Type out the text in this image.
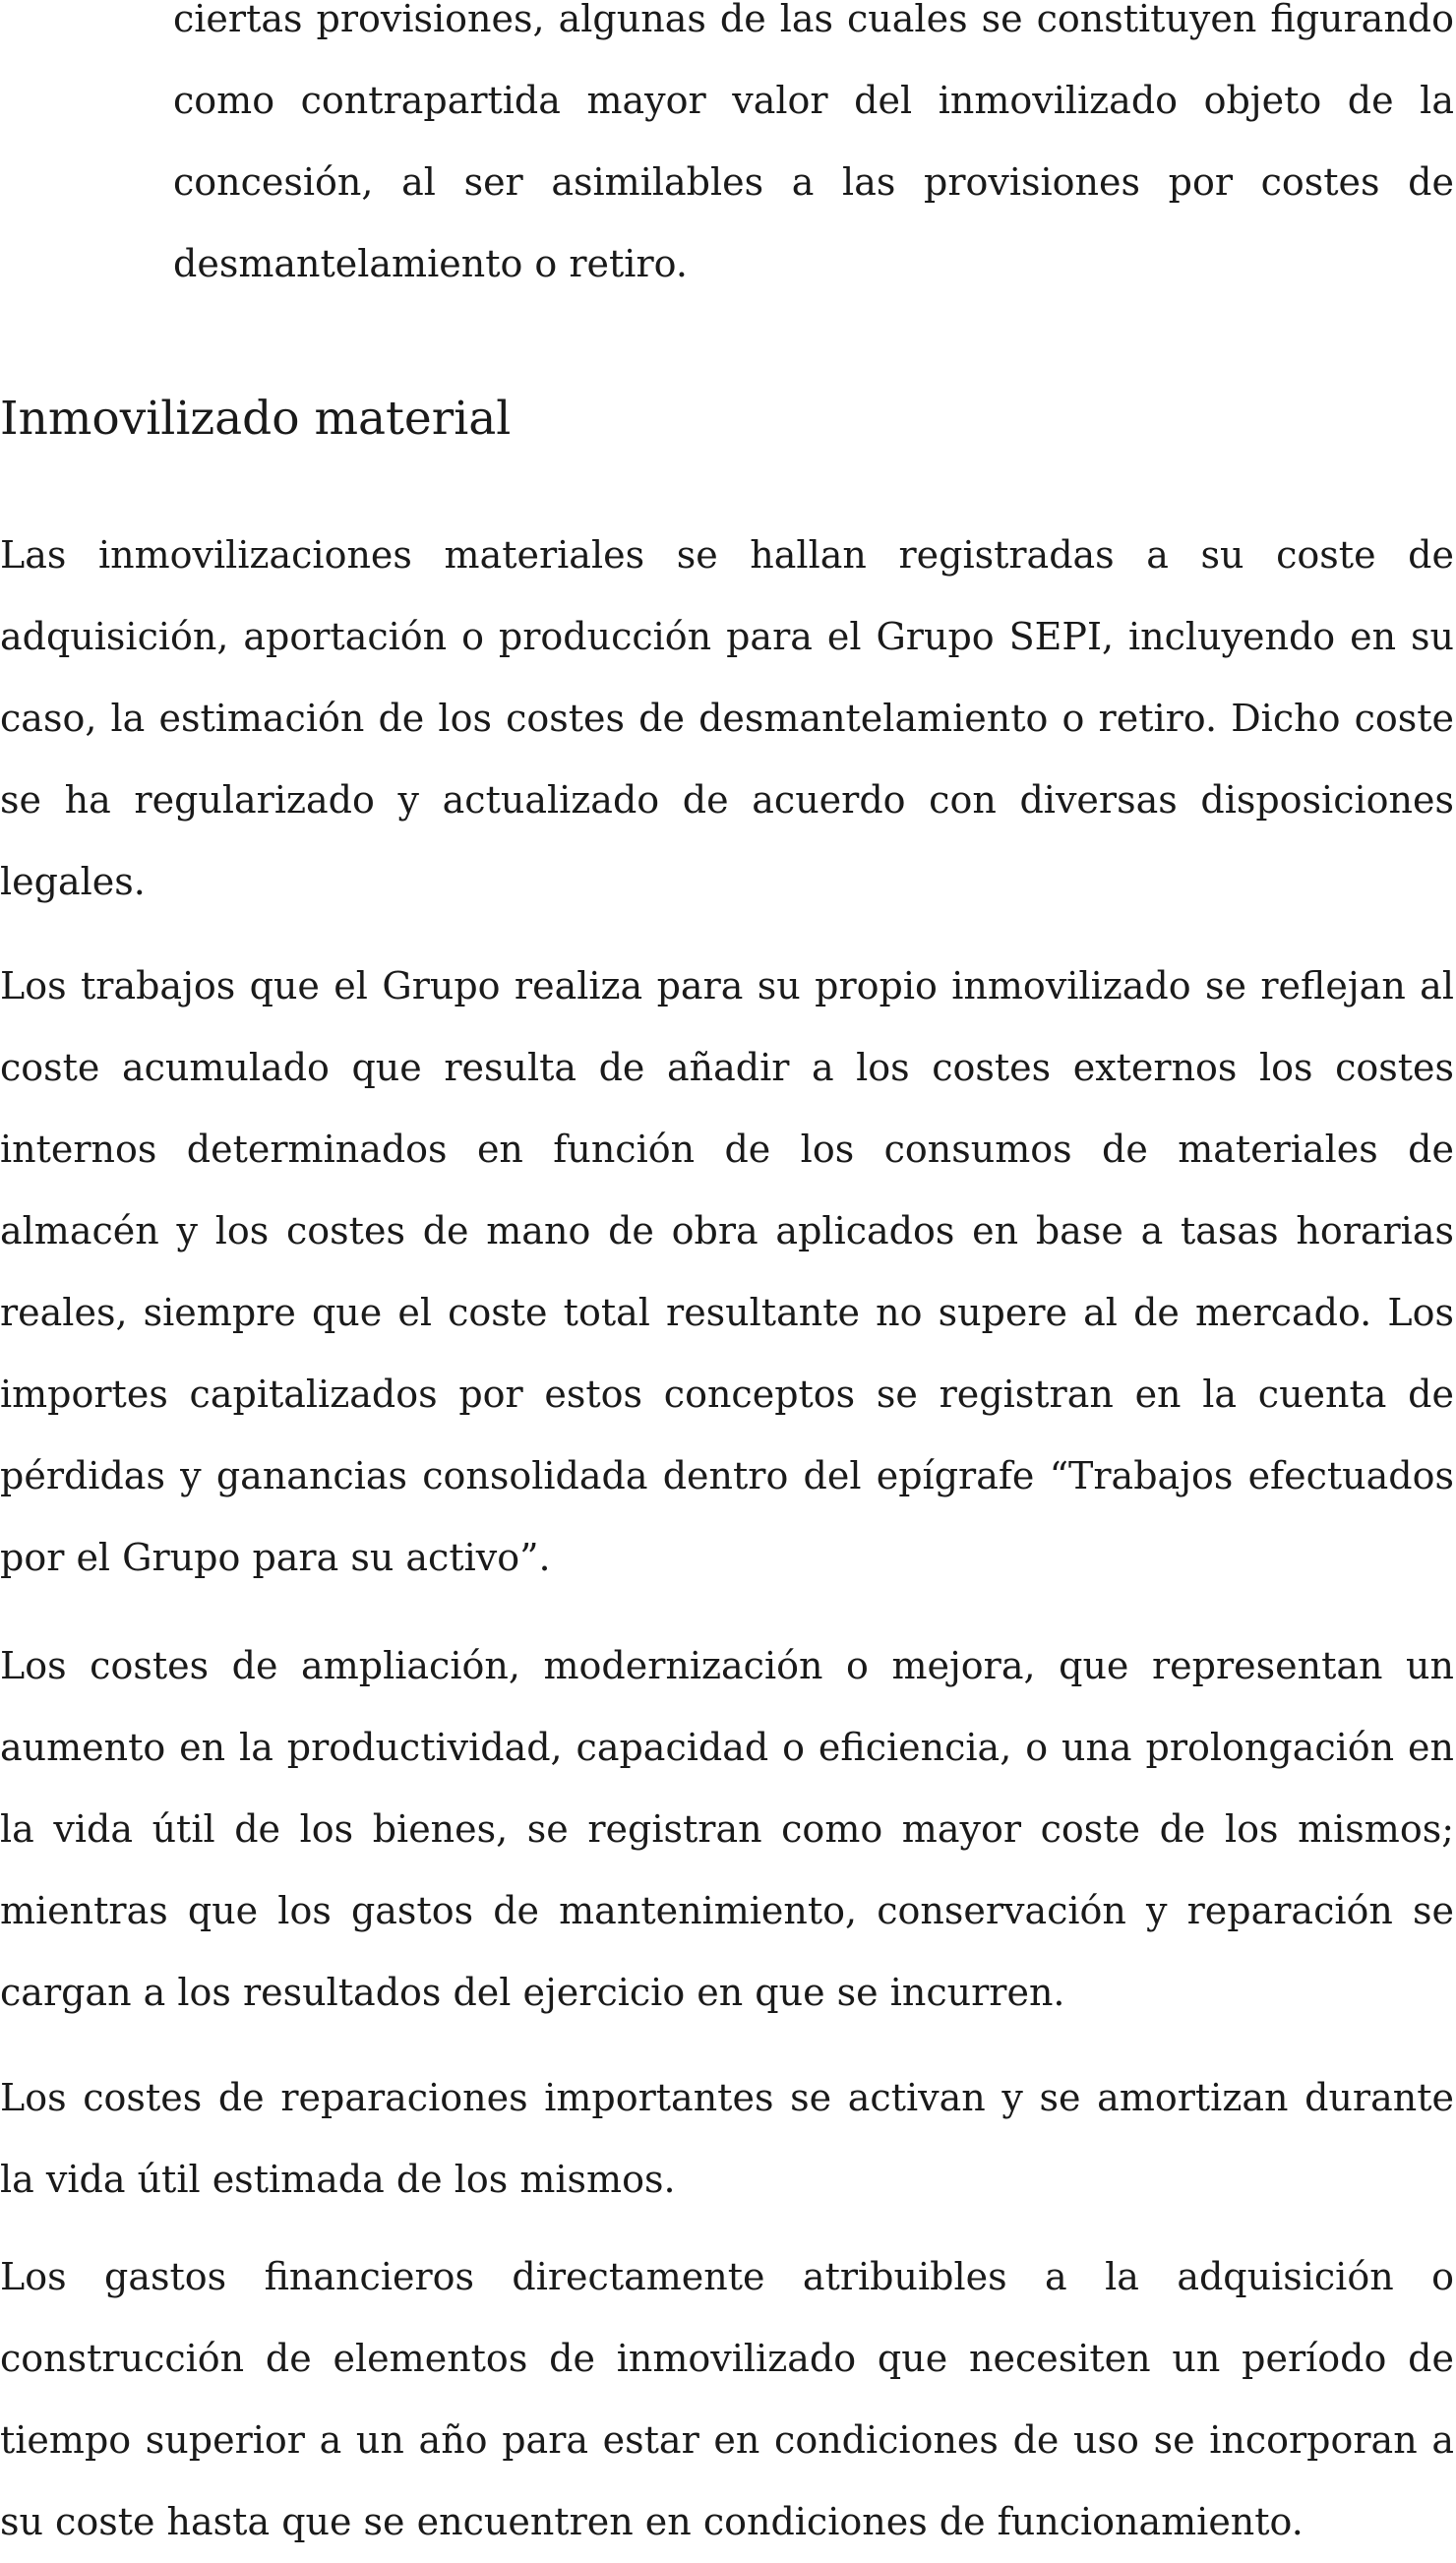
ciertas provisiones, algunas de las cuales se constituyen figurando como contrapartida mayor valor del inmovilizado objeto de la concesión, al ser asimilables a las provisiones por costes de desmantelamiento o retiro.

Inmovilizado material

Las inmovilizaciones materiales se hallan registradas a su coste de adquisición, aportación o producción para el Grupo SEPI, incluyendo en su caso, la estimación de los costes de desmantelamiento o retiro. Dicho coste se ha regularizado y actualizado de acuerdo con diversas disposiciones legales.

Los trabajos que el Grupo realiza para su propio inmovilizado se reflejan al coste acumulado que resulta de añadir a los costes externos los costes internos determinados en función de los consumos de materiales de almacén y los costes de mano de obra aplicados en base a tasas horarias reales, siempre que el coste total resultante no supere al de mercado. Los importes capitalizados por estos conceptos se registran en la cuenta de pérdidas y ganancias consolidada dentro del epígrafe “Trabajos efectuados por el Grupo para su activo”.

Los costes de ampliación, modernización o mejora, que representan un aumento en la productividad, capacidad o eficiencia, o una prolongación en la vida útil de los bienes, se registran como mayor coste de los mismos; mientras que los gastos de mantenimiento, conservación y reparación se cargan a los resultados del ejercicio en que se incurren.

Los costes de reparaciones importantes se activan y se amortizan durante la vida útil estimada de los mismos.

Los gastos financieros directamente atribuibles a la adquisición o construcción de elementos de inmovilizado que necesiten un período de tiempo superior a un año para estar en condiciones de uso se incorporan a su coste hasta que se encuentren en condiciones de funcionamiento.
